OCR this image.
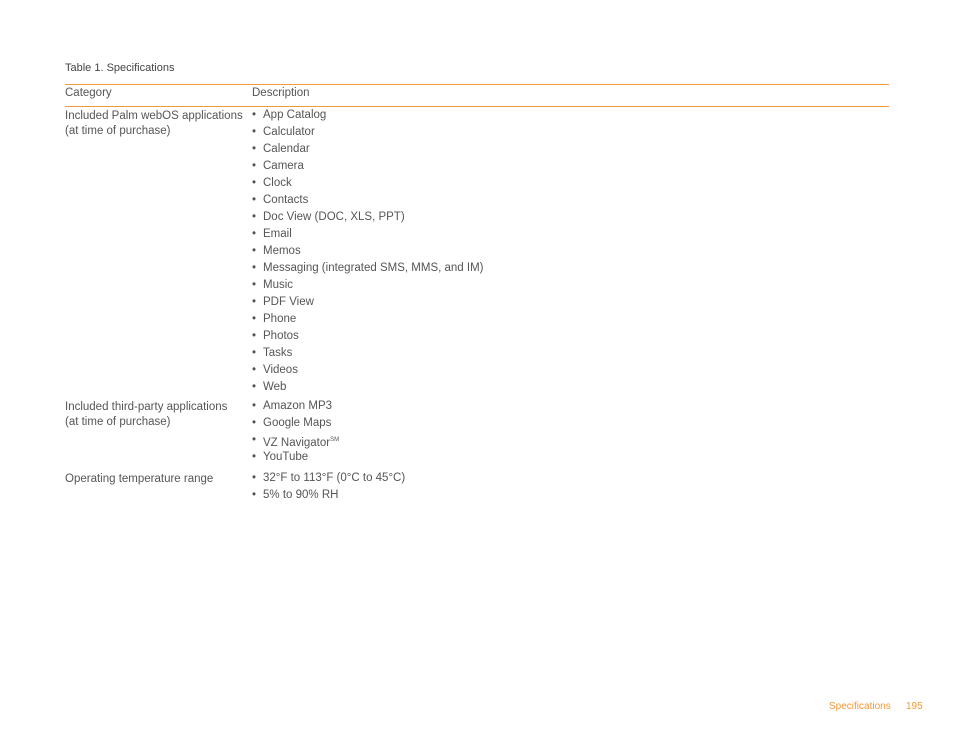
Table 1. Specifications
Category	Description
Included Palm webOS applications
(at time of purchase)
• App Catalog
• Calculator
• Calendar
• Camera
• Clock
• Contacts
• Doc View (DOC, XLS, PPT)
• Email
• Memos
• Messaging (integrated SMS, MMS, and IM)
• Music
• PDF View
• Phone
• Photos
• Tasks
• Videos
• Web
Included third-party applications
(at time of purchase)
• Amazon MP3
• Google Maps
• VZ Navigator℠
• YouTube
Operating temperature range
•	32°F to 113°F (0°C to 45°C)
• 5% to 90% RH
Specifications 195
